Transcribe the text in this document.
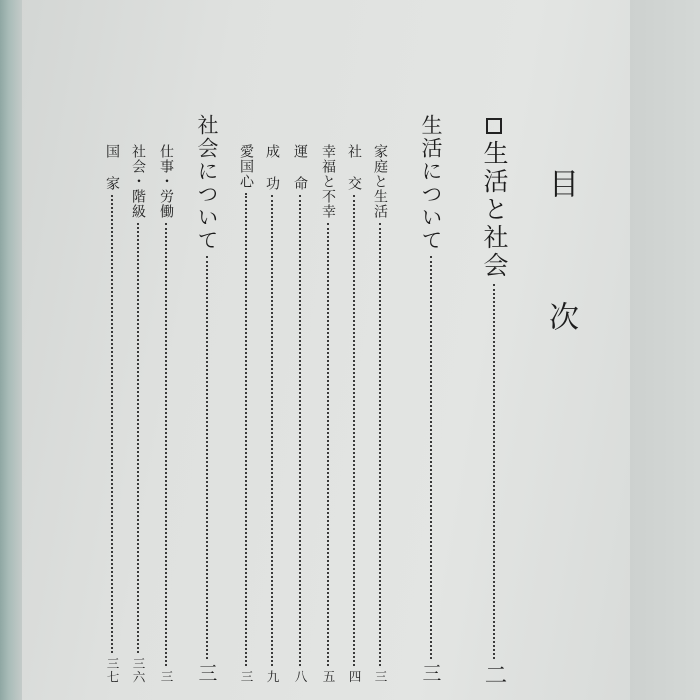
目 次
生活と社会
二
生活について
三
家庭と生活
三
社 交
四
幸福と不幸
五
運 命
八
成 功
九
愛国心
三
社会について
三
仕事・労働
三
社会・階級
三六
国 家
三七
